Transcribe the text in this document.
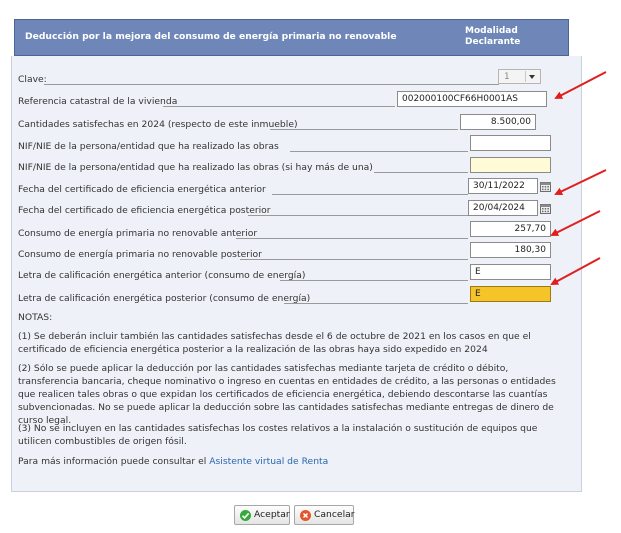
Deducción por la mejora del consumo de energía primaria no renovable	Modalidad
Declarante
Clave:	1
Referencia catastral de la vivienda	002000100CF66H0001AS
Cantidades satisfechas en 2024 (respecto de este inmueble)	8.500,00
NIF/NIE de la persona/entidad que ha realizado las obras
NIF/NIE de la persona/entidad que ha realizado las obras (si hay más de una)
Fecha del certificado de eficiencia energética anterior	30/11/2022
Fecha del certificado de eficiencia energética posterior	20/04/2024
Consumo de energía primaria no renovable anterior	257,70
Consumo de energía primaria no renovable posterior	180,30
Letra de calificación energética anterior (consumo de energía)	E
Letra de calificación energética posterior (consumo de energía)	E
NOTAS:
(1) Se deberán incluir también las cantidades satisfechas desde el 6 de octubre de 2021 en los casos en que el certificado de eficiencia energética posterior a la realización de las obras haya sido expedido en 2024
(2) Sólo se puede aplicar la deducción por las cantidades satisfechas mediante tarjeta de crédito o débito, transferencia bancaria, cheque nominativo o ingreso en cuentas en entidades de crédito, a las personas o entidades que realicen tales obras o que expidan los certificados de eficiencia energética, debiendo descontarse las cuantías subvencionadas. No se puede aplicar la deducción sobre las cantidades satisfechas mediante entregas de dinero de curso legal.
(3) No se incluyen en las cantidades satisfechas los costes relativos a la instalación o sustitución de equipos que utilicen combustibles de origen fósil.
Para más información puede consultar el Asistente virtual de Renta
Aceptar	Cancelar
